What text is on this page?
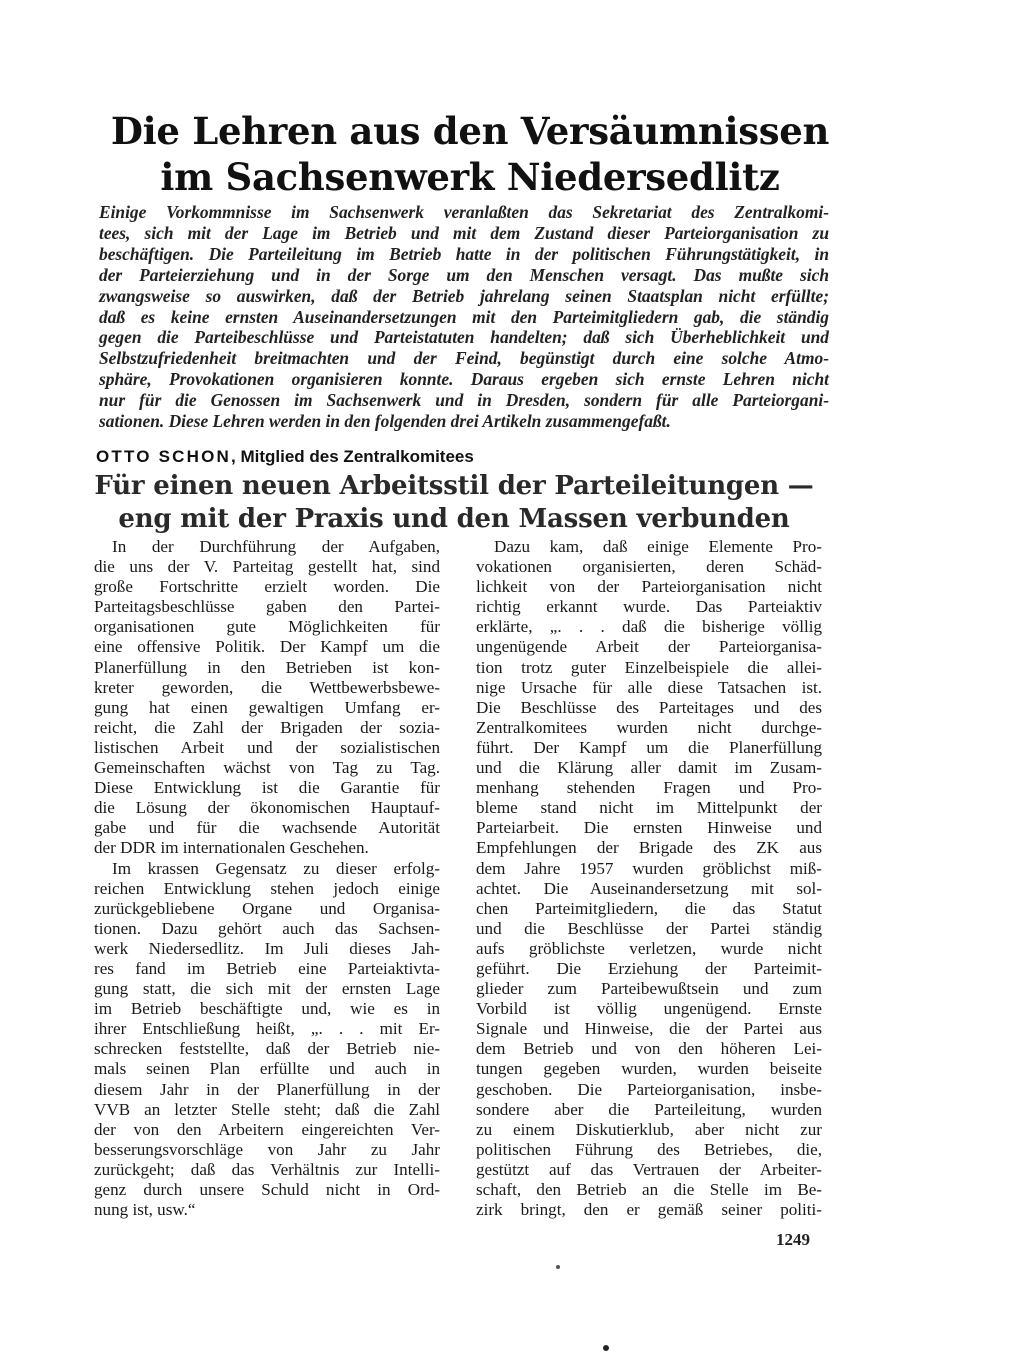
Die Lehren aus den Versäumnissen
im Sachsenwerk Niedersedlitz
Einige Vorkommnisse im Sachsenwerk veranlaßten das Sekretariat des Zentralkomi-
tees, sich mit der Lage im Betrieb und mit dem Zustand dieser Parteiorganisation zu
beschäftigen. Die Parteileitung im Betrieb hatte in der politischen Führungstätigkeit, in
der Parteierziehung und in der Sorge um den Menschen versagt. Das mußte sich
zwangsweise so auswirken, daß der Betrieb jahrelang seinen Staatsplan nicht erfüllte;
daß es keine ernsten Auseinandersetzungen mit den Parteimitgliedern gab, die ständig
gegen die Parteibeschlüsse und Parteistatuten handelten; daß sich Überheblichkeit und
Selbstzufriedenheit breitmachten und der Feind, begünstigt durch eine solche Atmo-
sphäre, Provokationen organisieren konnte. Daraus ergeben sich ernste Lehren nicht
nur für die Genossen im Sachsenwerk und in Dresden, sondern für alle Parteiorgani-
sationen. Diese Lehren werden in den folgenden drei Artikeln zusammengefaßt.
OTTO SCHON, Mitglied des Zentralkomitees
Für einen neuen Arbeitsstil der Parteileitungen —
eng mit der Praxis und den Massen verbunden
In der Durchführung der Aufgaben,
die uns der V. Parteitag gestellt hat, sind
große Fortschritte erzielt worden. Die
Parteitagsbeschlüsse gaben den Partei-
organisationen gute Möglichkeiten für
eine offensive Politik. Der Kampf um die
Planerfüllung in den Betrieben ist kon-
kreter geworden, die Wettbewerbsbewe-
gung hat einen gewaltigen Umfang er-
reicht, die Zahl der Brigaden der sozia-
listischen Arbeit und der sozialistischen
Gemeinschaften wächst von Tag zu Tag.
Diese Entwicklung ist die Garantie für
die Lösung der ökonomischen Hauptauf-
gabe und für die wachsende Autorität
der DDR im internationalen Geschehen.
Im krassen Gegensatz zu dieser erfolg-
reichen Entwicklung stehen jedoch einige
zurückgebliebene Organe und Organisa-
tionen. Dazu gehört auch das Sachsen-
werk Niedersedlitz. Im Juli dieses Jah-
res fand im Betrieb eine Parteiaktivta-
gung statt, die sich mit der ernsten Lage
im Betrieb beschäftigte und, wie es in
ihrer Entschließung heißt, „. . . mit Er-
schrecken feststellte, daß der Betrieb nie-
mals seinen Plan erfüllte und auch in
diesem Jahr in der Planerfüllung in der
VVB an letzter Stelle steht; daß die Zahl
der von den Arbeitern eingereichten Ver-
besserungsvorschläge von Jahr zu Jahr
zurückgeht; daß das Verhältnis zur Intelli-
genz durch unsere Schuld nicht in Ord-
nung ist, usw.“
Dazu kam, daß einige Elemente Pro-
vokationen organisierten, deren Schäd-
lichkeit von der Parteiorganisation nicht
richtig erkannt wurde. Das Parteiaktiv
erklärte, „. . . daß die bisherige völlig
ungenügende Arbeit der Parteiorganisa-
tion trotz guter Einzelbeispiele die allei-
nige Ursache für alle diese Tatsachen ist.
Die Beschlüsse des Parteitages und des
Zentralkomitees wurden nicht durchge-
führt. Der Kampf um die Planerfüllung
und die Klärung aller damit im Zusam-
menhang stehenden Fragen und Pro-
bleme stand nicht im Mittelpunkt der
Parteiarbeit. Die ernsten Hinweise und
Empfehlungen der Brigade des ZK aus
dem Jahre 1957 wurden gröblichst miß-
achtet. Die Auseinandersetzung mit sol-
chen Parteimitgliedern, die das Statut
und die Beschlüsse der Partei ständig
aufs gröblichste verletzen, wurde nicht
geführt. Die Erziehung der Parteimit-
glieder zum Parteibewußtsein und zum
Vorbild ist völlig ungenügend. Ernste
Signale und Hinweise, die der Partei aus
dem Betrieb und von den höheren Lei-
tungen gegeben wurden, wurden beiseite
geschoben. Die Parteiorganisation, insbe-
sondere aber die Parteileitung, wurden
zu einem Diskutierklub, aber nicht zur
politischen Führung des Betriebes, die,
gestützt auf das Vertrauen der Arbeiter-
schaft, den Betrieb an die Stelle im Be-
zirk bringt, den er gemäß seiner politi-
1249
